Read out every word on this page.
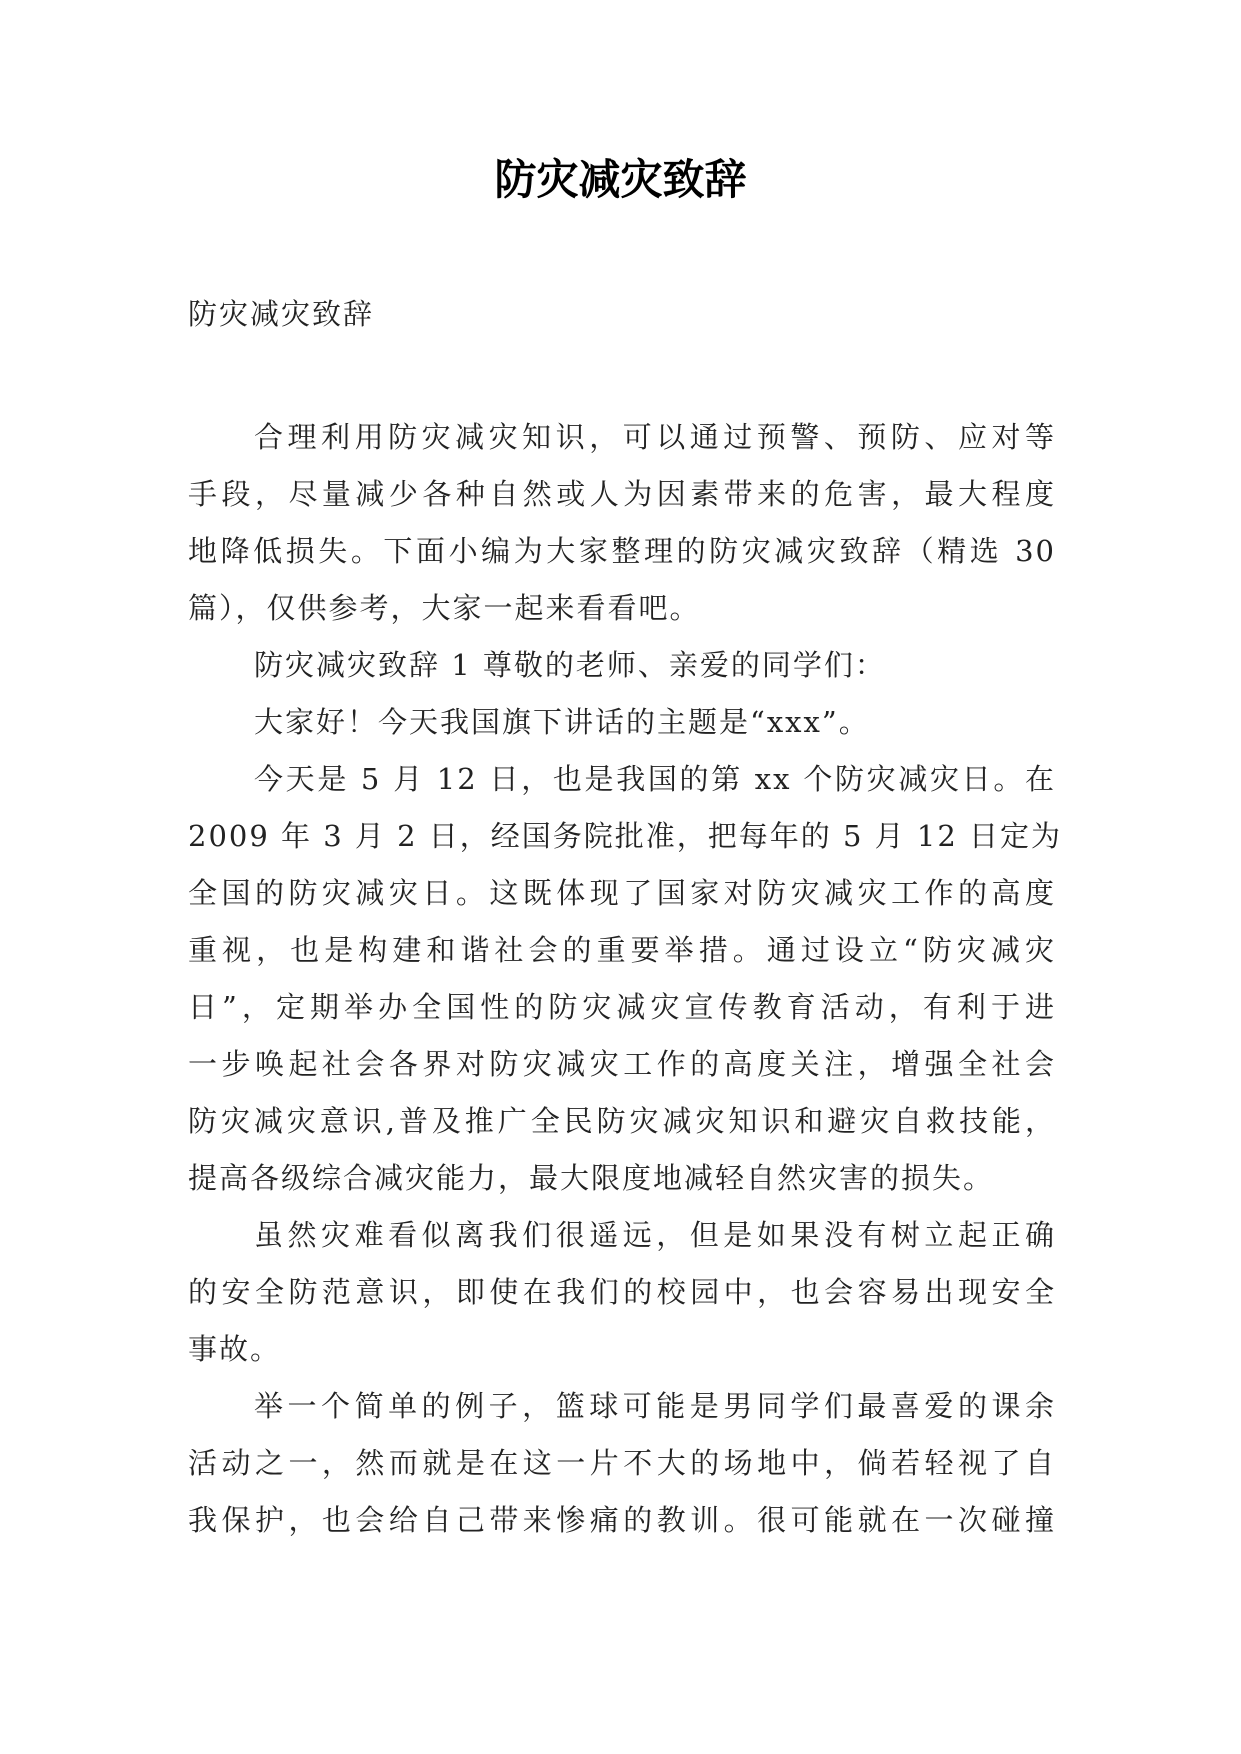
防灾减灾致辞

防灾减灾致辞

合理利用防灾减灾知识，可以通过预警、预防、应对等
手段，尽量减少各种自然或人为因素带来的危害，最大程度
地降低损失。下面小编为大家整理的防灾减灾致辞（精选 30
篇），仅供参考，大家一起来看看吧。

防灾减灾致辞 1 尊敬的老师、亲爱的同学们：

大家好！今天我国旗下讲话的主题是“xxx”。

今天是 5 月 12 日，也是我国的第 xx 个防灾减灾日。在
2009 年 3 月 2 日，经国务院批准，把每年的 5 月 12 日定为
全国的防灾减灾日。这既体现了国家对防灾减灾工作的高度
重视，也是构建和谐社会的重要举措。通过设立“防灾减灾
日”，定期举办全国性的防灾减灾宣传教育活动，有利于进
一步唤起社会各界对防灾减灾工作的高度关注，增强全社会
防灾减灾意识,普及推广全民防灾减灾知识和避灾自救技能，
提高各级综合减灾能力，最大限度地减轻自然灾害的损失。

虽然灾难看似离我们很遥远，但是如果没有树立起正确
的安全防范意识，即使在我们的校园中，也会容易出现安全
事故。

举一个简单的例子，篮球可能是男同学们最喜爱的课余
活动之一，然而就是在这一片不大的场地中，倘若轻视了自
我保护，也会给自己带来惨痛的教训。很可能就在一次碰撞
